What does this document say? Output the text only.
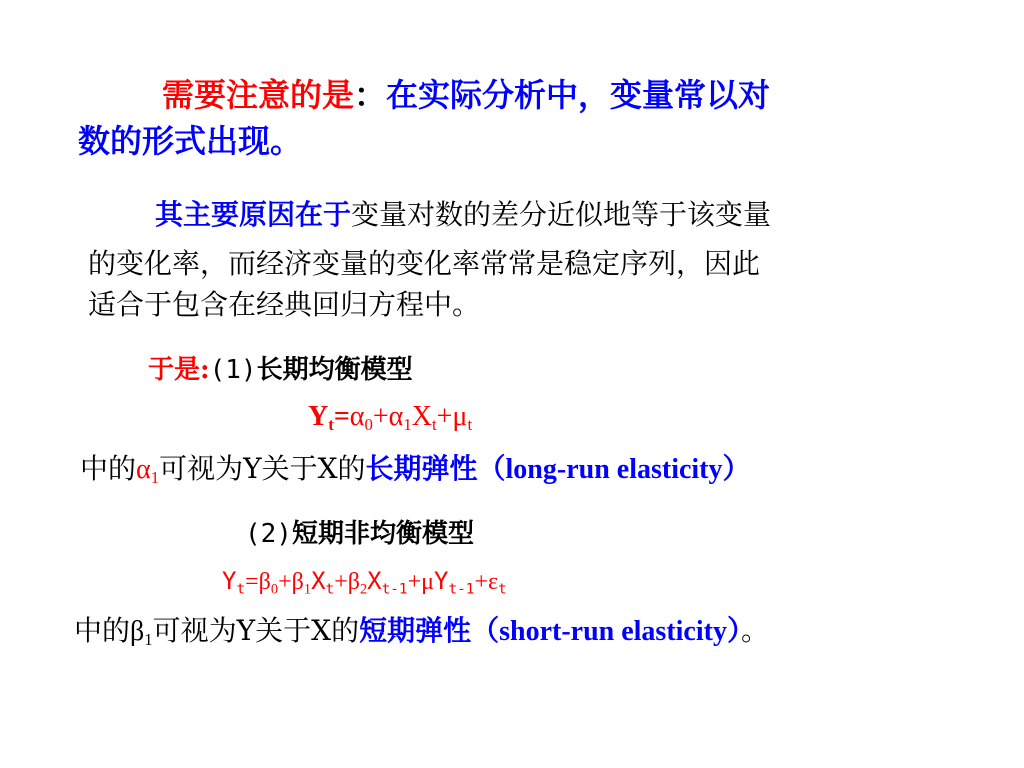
需要注意的是：在实际分析中，变量常以对
数的形式出现。
其主要原因在于变量对数的差分近似地等于该变量
的变化率，而经济变量的变化率常常是稳定序列，因此
适合于包含在经典回归方程中。
于是:(1)长期均衡模型
$Y_t=\alpha_0+\alpha_1X_t+\mu_t$
中的$\alpha_1$可视为Y关于X的长期弹性（long-run elasticity）
(2)短期非均衡模型
$Y_t=\beta_0+\beta_1X_t+\beta_2X_{t-1}+\mu Y_{t-1}+\varepsilon_t$
中的$\beta_1$可视为Y关于X的短期弹性（short-run elasticity）。
